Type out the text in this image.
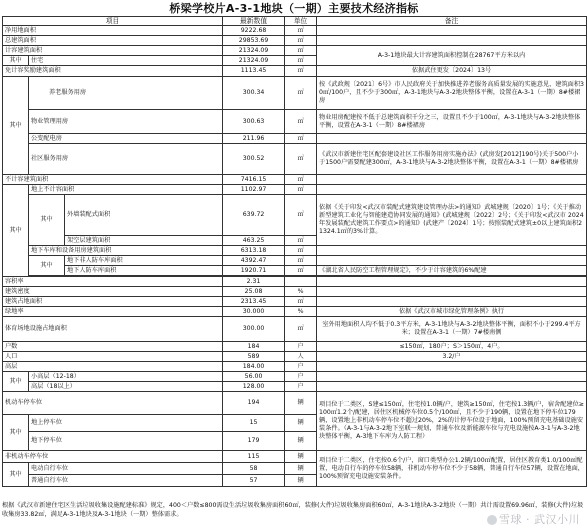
桥梁学校片A-3-1地块（一期）主要技术经济指标
项目			最新数值	单位	备注
净用地面积			9222.68	㎡	
总建筑面积			29853.69	㎡	
计容建筑面积			21324.09	㎡	A-3-1地块最大计容建筑面积控制在28767平方米以内
其中	住宅		21324.09	㎡	
免计容奖励建筑面积			1113.45	㎡	依据武住更发〔2024〕13号
其中	养老服务用房		300.34	㎡	按《武政规〔2021〕6号》市人民政府关于加快推进养老服务高质量发展的实施意见，建筑面积30㎡/100户，且不少于300㎡，A-3-1地块与A-3-2地块整体平衡，设置在A-3-1（一期）8#楼裙房
	物业管理用房		300.63	㎡	物业用房配建按不低于总建筑面积千分之三，设置且不少于100㎡，A-3-1地块与A-3-2地块整体平衡，设置在A-3-1（一期）8#楼裙房
	公变配电房		211.96	㎡	
	社区服务用房		300.52	㎡	《武汉市新建住宅区配套建设社区工作服务用房实施办法》(武房发[2012]190号)关于500户小于1500户需要配建300㎡，A-3-1地块与A-3-2地块整体平衡，设置在A-3-1（一期）8#楼裙房
不计容建筑面积			7416.15	㎡	
其中	地上不计容面积		1102.97	㎡	
	其中	外墙装配式面积	639.72	㎡	依据《关于印发<武汉市装配式建筑建设管理办法>的通知》武城建规〔2020〕1号；《关于推动新型建筑工业化与智能建造协同发展的通知》(武城建规〔2022〕2号；《关于印发<武汉市 2024年发展装配式建筑工作要点>的通知》(武建产〔2024〕1号；按照装配式建筑±0以上建筑面积21324.1㎡的3%计算。
		架空层建筑面积	463.25	㎡	
	地下车库和设备用房建筑面积		6313.18	㎡	
	其中	地下非人防车库面积	4392.47	㎡	
		地下人防车库面积	1920.71	㎡	《湖北省人民防空工程管理规定》，不少于计容建筑的6%配建

容积率			2.31		
建筑密度			25.08	%	
建筑占地面积			2313.45	㎡	
绿地率			30.000	%	依据《武汉市城市绿化管理条例》执行
体育场地设施占地面积			300.00	㎡	室外用地面积人均不低于0.3平方米，A-3-1地块与A-3-2地块整体平衡，面积不小于299.4平方米；设置在A-3-1（一期）7#楼南侧
户数			184	户	≤150㎡，180户；S＞150㎡，4户。
人口			589	人	3.2/户
高层			184.00	户	
其中	小高层（12-18）		56.00	户	
	高层（18以上）		128.00	户	
机动车停车位			194	辆	项目位于二类区，S建≤150㎡，住宅按1.0辆/户，建筑≥150㎡，住宅按1.3辆/户，宿舍配建位≥100㎡1.2个/配建，居住区机械停车位0.5个/100㎡，且不少于190辆，设置在地下停车位179辆，设置地上非机动车停车位不超过20%，2%的计停车位设于地面，100%预留充电基础设施安装条件。（A-3-1与A-3-2地下室联一规划，普通车位及新能源车位与充电设施按A-3-1与A-3-2地块整体平衡，A-3地下车库为人防工程）
其中	地上停车位		15	辆	
	地下停车位		179	辆	
非机动车停车位			115	辆	项目位于二类区，住宅按0.6个/户，窗口类型办公1.2辆/100㎡配置，居住区教育类1.0/100㎡配置，电动自行车的停车位58辆，非机动车停车位不少于58辆，普通自行车位57辆，设置在地面，100%预留充电设施安装条件。
其中	电动自行车位		58	辆	
	普通自行车位		57	辆	
根据《武汉市新建住宅区生活垃圾收集设施配建标准》规定，400＜户数≤800需设生活垃圾收集房面积60㎡，装修(大件)垃圾收集房面积60㎡，A-3-1地块A-3-2地块（一期）共计需设置69.96㎡，装修(大件)垃圾收集房33.82㎡，满足A-3-1地块及A-3-1地块（一期）整体需求。	雪球 · 武汉小川
